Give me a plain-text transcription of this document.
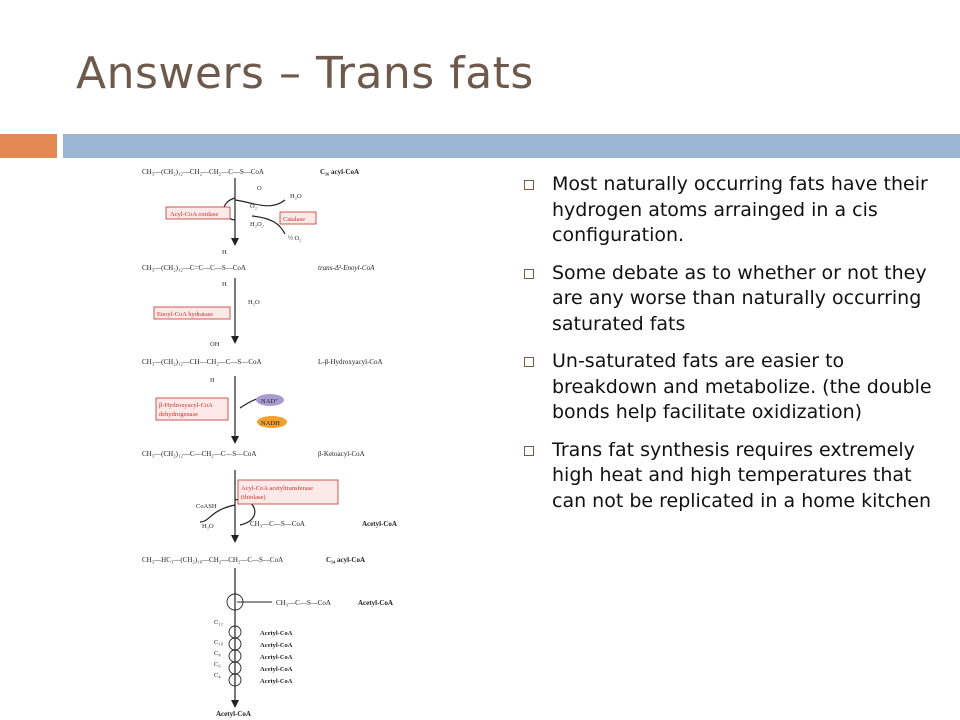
Answers – Trans fats
CH₃—(CH₂)₁₂—CH₂—CH₂—C—S—CoA	C₁₆ acyl-CoA
O
Acyl-CoA oxidase
O₂
H₂O₂
H₂O
Catalase
½ O₂
H
CH₃—(CH₂)₁₂—C=C—C—S—CoA	trans-Δ²-Enoyl-CoA
H
Enoyl-CoA hydratase
H₂O
OH
CH₃—(CH₂)₁₂—CH—CH₂—C—S—CoA	L-β-Hydroxyacyl-CoA
H
β-Hydroxyacyl-CoA
dehydrogenase
NAD⁺
NADH
CH₃—(CH₂)₁₂—C—CH₂—C—S—CoA	β-Ketoacyl-CoA
Acyl-CoA acetyltransferase
(thiolase)
CoASH
H₂O	CH₃—C—S—CoA	Acetyl-CoA
CH₃—HC₃—(CH₂)₁₀—CH₂—CH₂—C—S—CoA	C₁₄ acyl-CoA
CH₃—C—S—CoA	Acetyl-CoA
C₁₂
C₁₀
C₈
C₆
C₄
Acetyl-CoA
Acetyl-CoA
Acetyl-CoA
Acetyl-CoA
Acetyl-CoA
Acetyl-CoA
Most naturally occurring fats have their hydrogen atoms arrainged in a cis configuration.
Some debate as to whether or not they are any worse than naturally occurring saturated fats
Un-saturated fats are easier to breakdown and metabolize. (the double bonds help facilitate oxidization)
Trans fat synthesis requires extremely high heat and high temperatures that can not be replicated in a home kitchen
